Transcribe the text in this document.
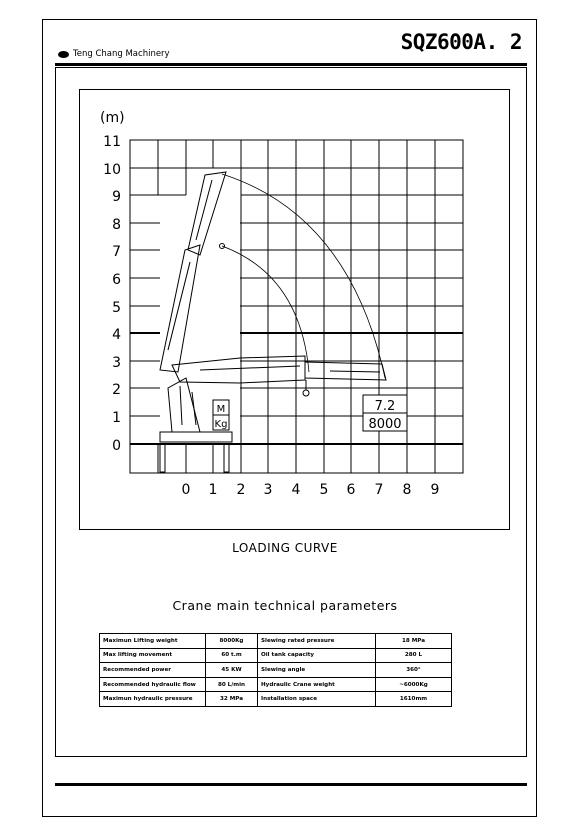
Teng Chang Machinery	SQZ600A. 2
(m)
11
10
9
8
7
6
5
4
3
2
1
0
0 1 2 3 4 5 6 7 8 9
M
Kg
7.2
8000
LOADING CURVE
Crane main technical parameters
Maximun Lifting weight	8000Kg	Slewing rated pressure	18 MPa
Max lifting movement	60 t.m	Oil tank capacity	280 L
Recommended power	45 KW	Slewing angle	360°
Recommended hydraulic flow	80 L/min	Hydraulic Crane weight	~6000Kg
Maximun hydraulic pressure	32 MPa	Installation space	1610mm
